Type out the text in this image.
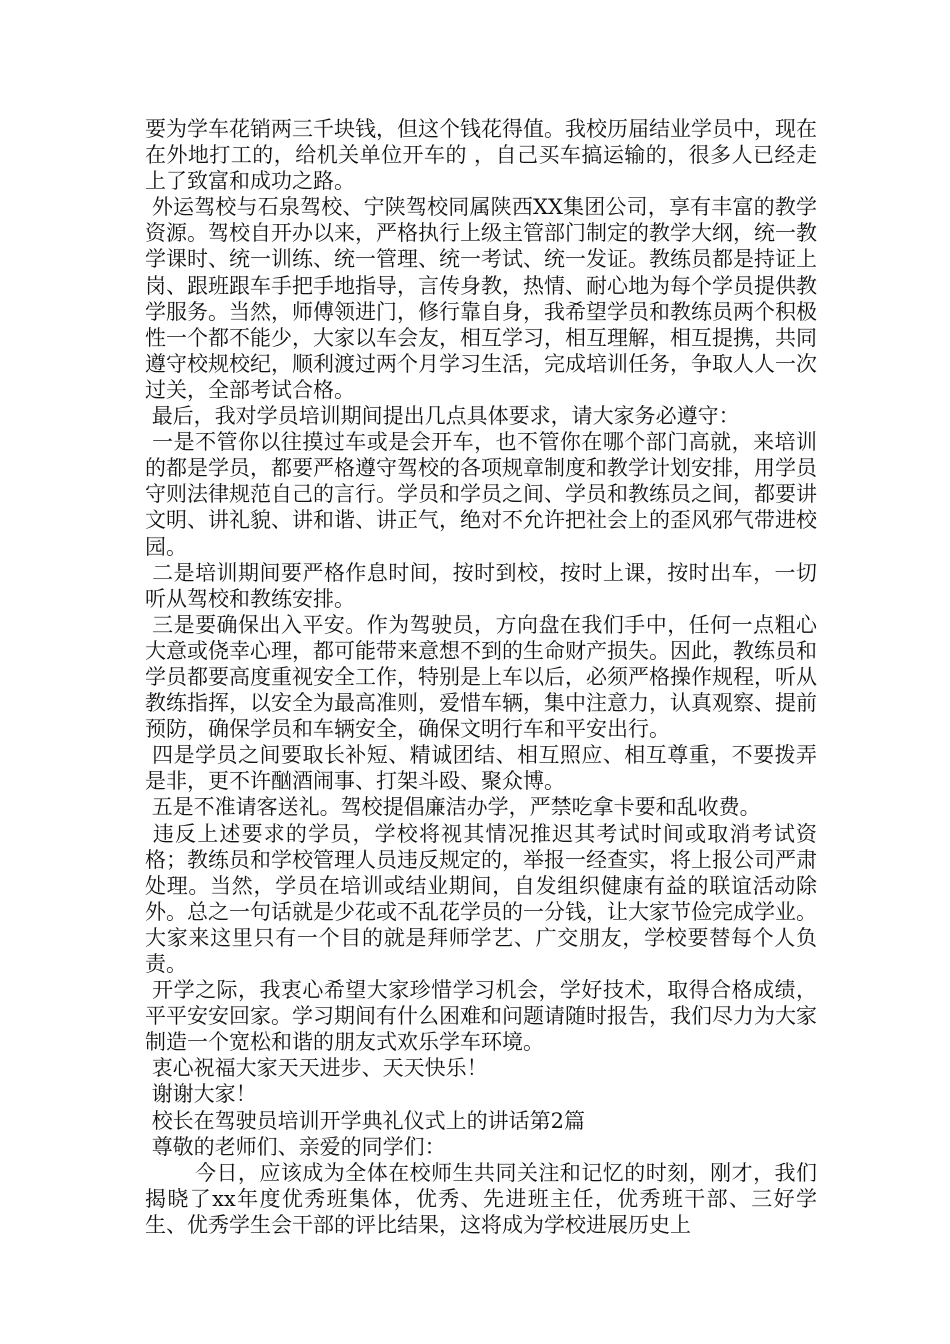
要为学车花销两三千块钱，但这个钱花得值。我校历届结业学员中，现在在外地打工的，给机关单位开车的 ，自己买车搞运输的，很多人已经走上了致富和成功之路。

外运驾校与石泉驾校、宁陕驾校同属陕西XX集团公司，享有丰富的教学资源。驾校自开办以来，严格执行上级主管部门制定的教学大纲，统一教学课时、统一训练、统一管理、统一考试、统一发证。教练员都是持证上岗、跟班跟车手把手地指导，言传身教，热情、耐心地为每个学员提供教学服务。当然，师傅领进门，修行靠自身，我希望学员和教练员两个积极性一个都不能少，大家以车会友，相互学习，相互理解，相互提携，共同遵守校规校纪，顺利渡过两个月学习生活，完成培训任务，争取人人一次过关，全部考试合格。

最后，我对学员培训期间提出几点具体要求，请大家务必遵守：

一是不管你以往摸过车或是会开车，也不管你在哪个部门高就，来培训的都是学员，都要严格遵守驾校的各项规章制度和教学计划安排，用学员守则法律规范自己的言行。学员和学员之间、学员和教练员之间，都要讲文明、讲礼貌、讲和谐、讲正气，绝对不允许把社会上的歪风邪气带进校园。

二是培训期间要严格作息时间，按时到校，按时上课，按时出车，一切听从驾校和教练安排。

三是要确保出入平安。作为驾驶员，方向盘在我们手中，任何一点粗心大意或侥幸心理，都可能带来意想不到的生命财产损失。因此，教练员和学员都要高度重视安全工作，特别是上车以后，必须严格操作规程，听从教练指挥，以安全为最高准则，爱惜车辆，集中注意力，认真观察、提前预防，确保学员和车辆安全，确保文明行车和平安出行。

四是学员之间要取长补短、精诚团结、相互照应、相互尊重，不要拨弄是非，更不许酗酒闹事、打架斗殴、聚众博。

五是不准请客送礼。驾校提倡廉洁办学，严禁吃拿卡要和乱收费。

违反上述要求的学员，学校将视其情况推迟其考试时间或取消考试资格；教练员和学校管理人员违反规定的，举报一经查实，将上报公司严肃处理。当然，学员在培训或结业期间，自发组织健康有益的联谊活动除外。总之一句话就是少花或不乱花学员的一分钱，让大家节俭完成学业。大家来这里只有一个目的就是拜师学艺、广交朋友，学校要替每个人负责。

开学之际，我衷心希望大家珍惜学习机会，学好技术，取得合格成绩，平平安安回家。学习期间有什么困难和问题请随时报告，我们尽力为大家制造一个宽松和谐的朋友式欢乐学车环境。

衷心祝福大家天天进步、天天快乐！

谢谢大家！

校长在驾驶员培训开学典礼仪式上的讲话第2篇

尊敬的老师们、亲爱的同学们：

今日，应该成为全体在校师生共同关注和记忆的时刻，刚才，我们揭晓了xx年度优秀班集体，优秀、先进班主任，优秀班干部、三好学生、优秀学生会干部的评比结果，这将成为学校进展历史上
